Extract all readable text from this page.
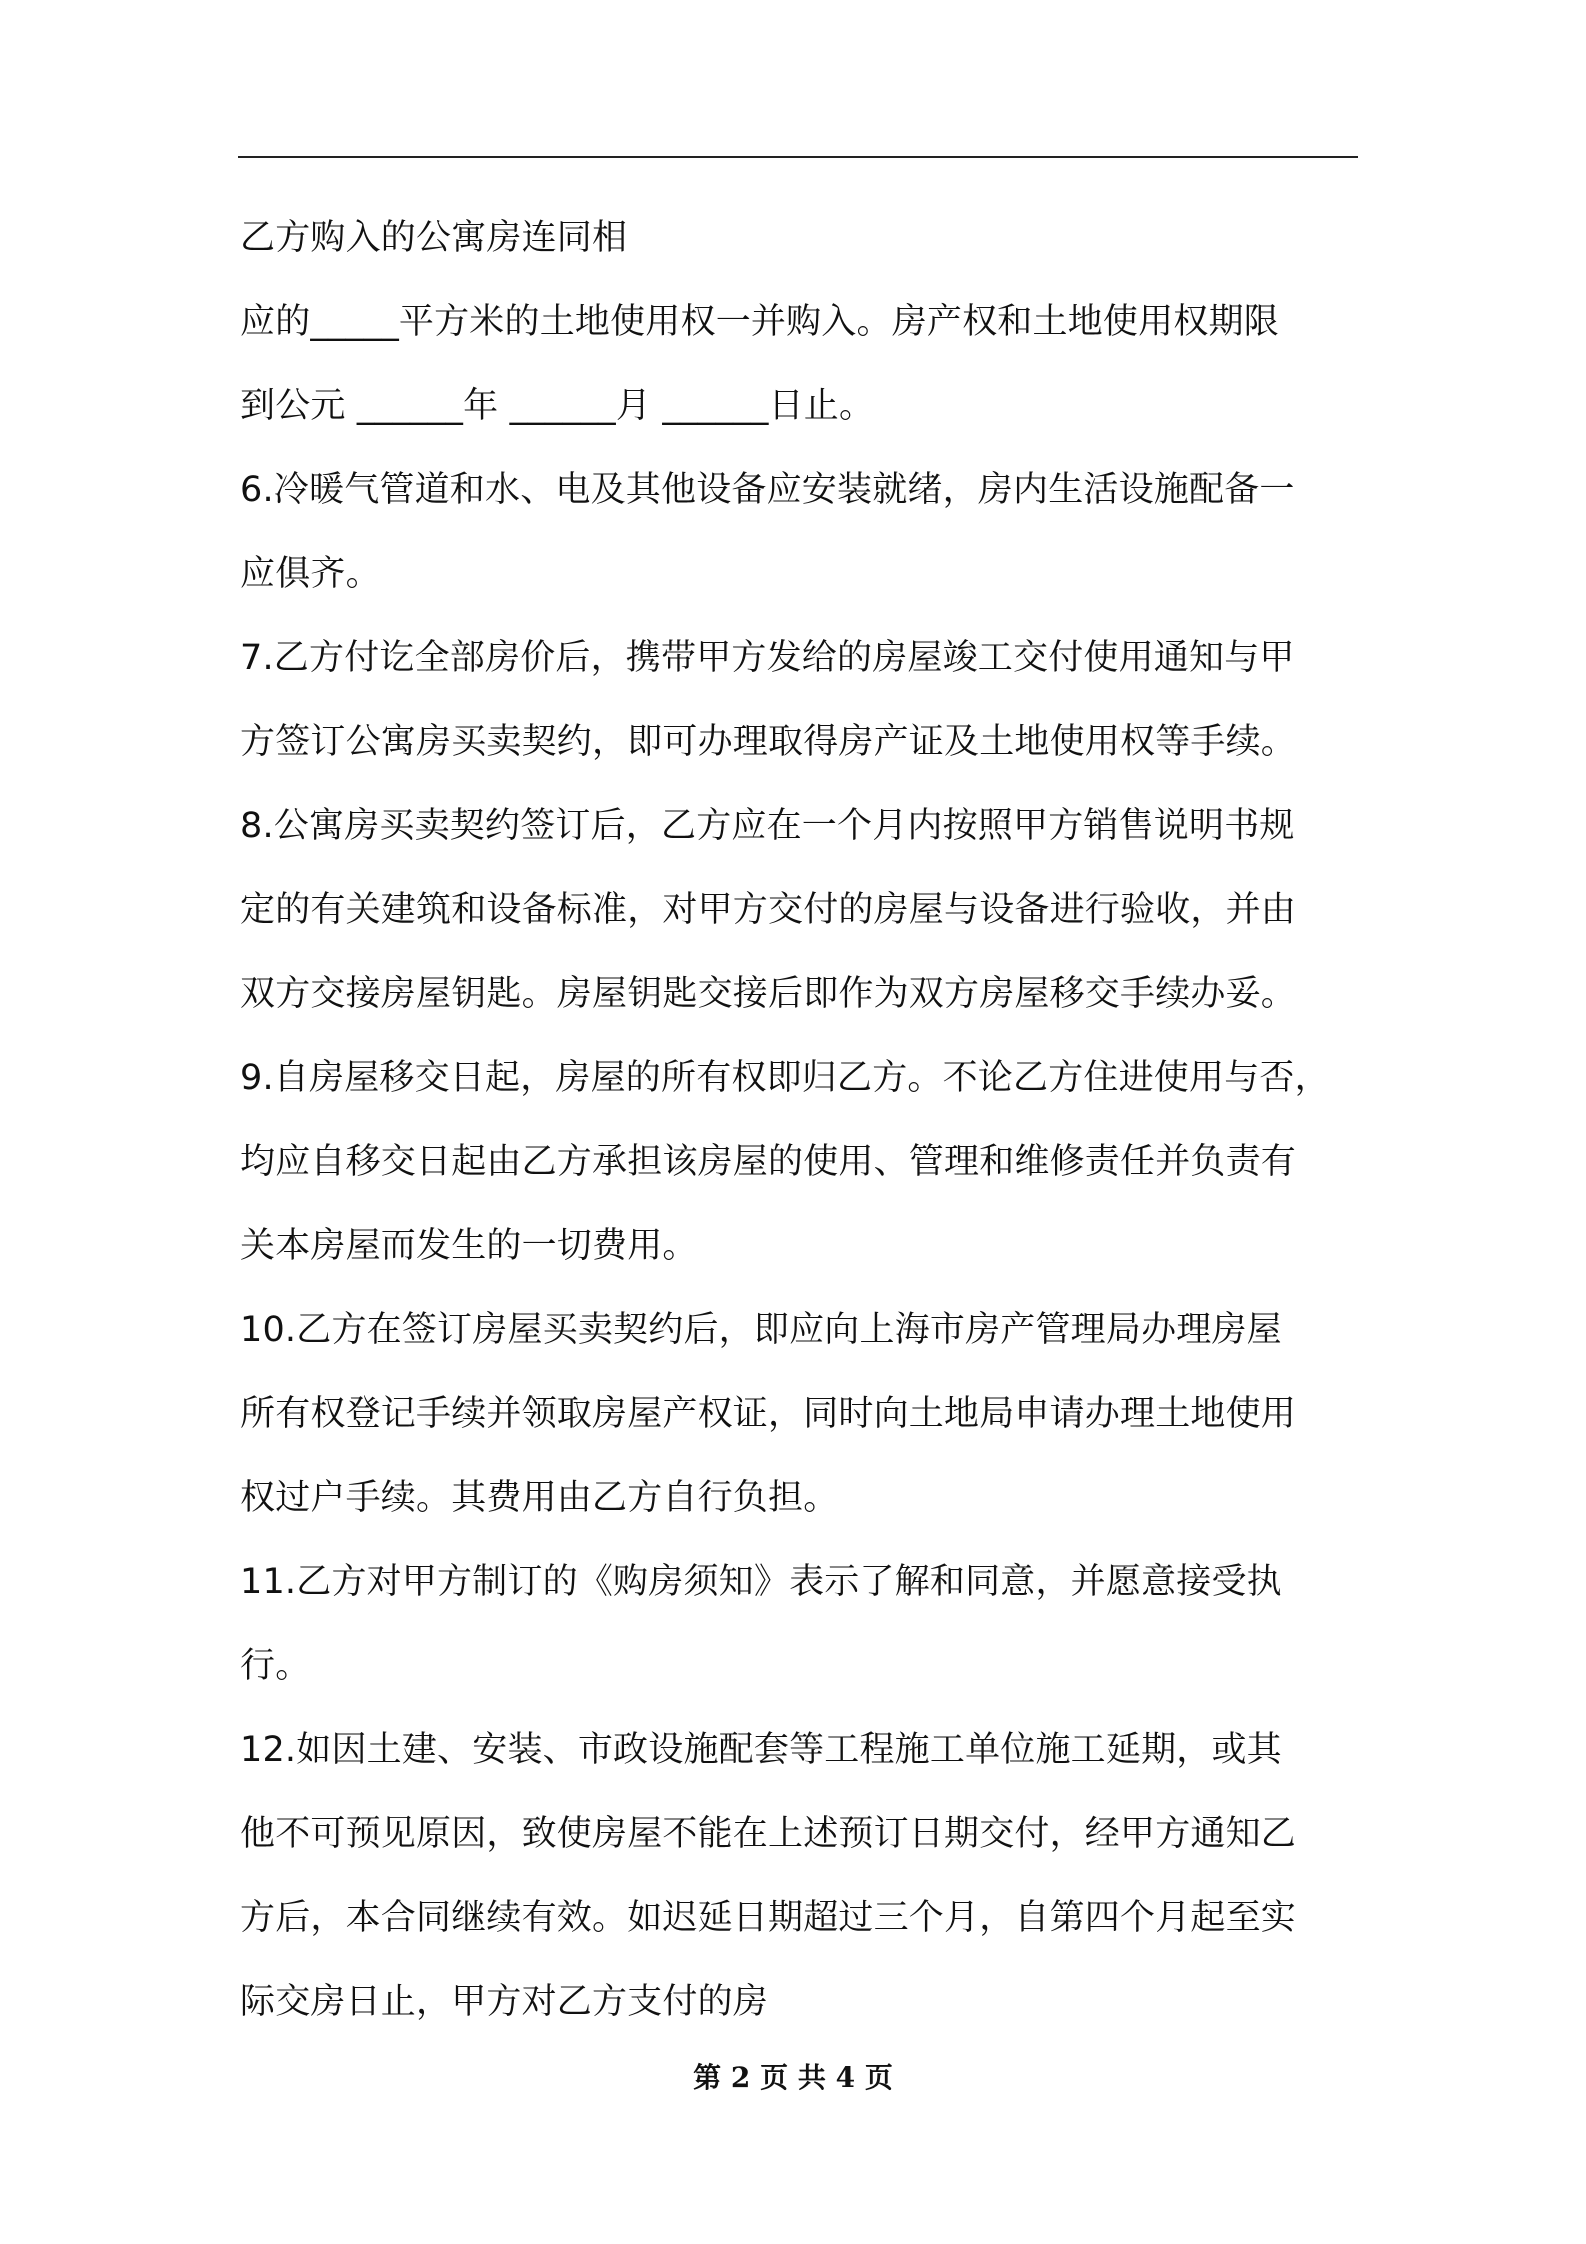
乙方购入的公寓房连同相
应的_____平方米的土地使用权一并购入。房产权和土地使用权期限
到公元 ______年 ______月 ______日止。
6.冷暖气管道和水、电及其他设备应安装就绪，房内生活设施配备一
应俱齐。
7.乙方付讫全部房价后，携带甲方发给的房屋竣工交付使用通知与甲
方签订公寓房买卖契约，即可办理取得房产证及土地使用权等手续。
8.公寓房买卖契约签订后，乙方应在一个月内按照甲方销售说明书规
定的有关建筑和设备标准，对甲方交付的房屋与设备进行验收，并由
双方交接房屋钥匙。房屋钥匙交接后即作为双方房屋移交手续办妥。
9.自房屋移交日起，房屋的所有权即归乙方。不论乙方住进使用与否，
均应自移交日起由乙方承担该房屋的使用、管理和维修责任并负责有
关本房屋而发生的一切费用。
10.乙方在签订房屋买卖契约后，即应向上海市房产管理局办理房屋
所有权登记手续并领取房屋产权证，同时向土地局申请办理土地使用
权过户手续。其费用由乙方自行负担。
11.乙方对甲方制订的《购房须知》表示了解和同意，并愿意接受执
行。
12.如因土建、安装、市政设施配套等工程施工单位施工延期，或其
他不可预见原因，致使房屋不能在上述预订日期交付，经甲方通知乙
方后，本合同继续有效。如迟延日期超过三个月，自第四个月起至实
际交房日止，甲方对乙方支付的房
第 2 页 共 4 页
